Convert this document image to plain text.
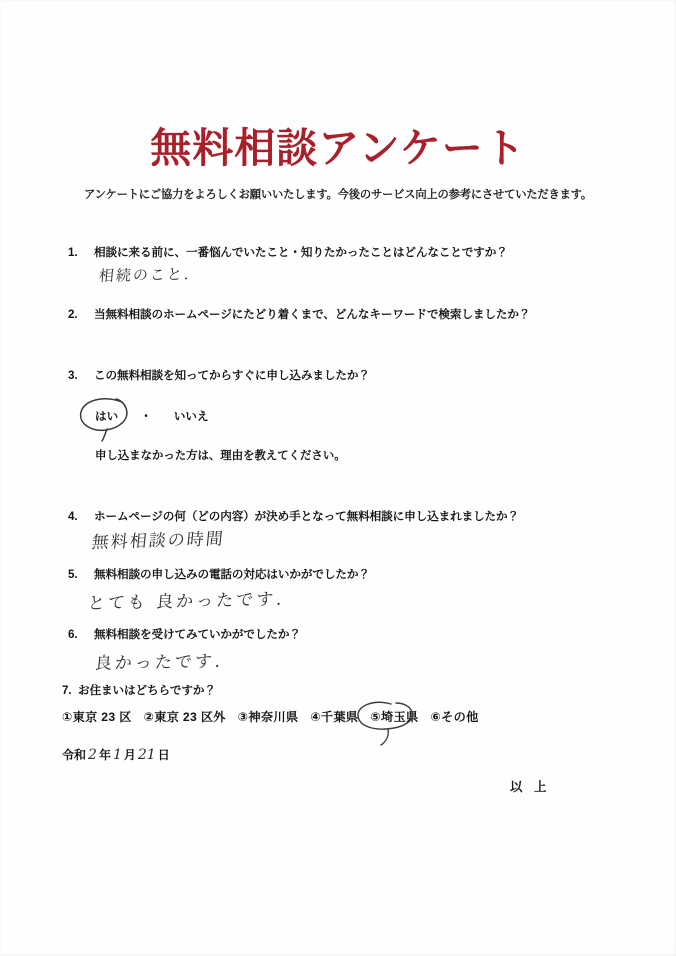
無料相談アンケート
アンケートにご協力をよろしくお願いいたします。今後のサービス向上の参考にさせていただきます。
1. 相談に来る前に、一番悩んでいたこと・知りたかったことはどんなことですか？
相続のこと.
2. 当無料相談のホームページにたどり着くまで、どんなキーワードで検索しましたか？
3. この無料相談を知ってからすぐに申し込みましたか？
はい ・ いいえ
申し込まなかった方は、理由を教えてください。
4. ホームページの何（どの内容）が決め手となって無料相談に申し込まれましたか？
無料相談の時間
5. 無料相談の申し込みの電話の対応はいかがでしたか？
とても 良かったです.
6. 無料相談を受けてみていかがでしたか？
良かったです.
7. お住まいはどちらですか？
①東京 23 区 ②東京 23 区外 ③神奈川県 ④千葉県 ⑤埼玉県 ⑥その他
令和 2 年 1 月 21 日
以 上
